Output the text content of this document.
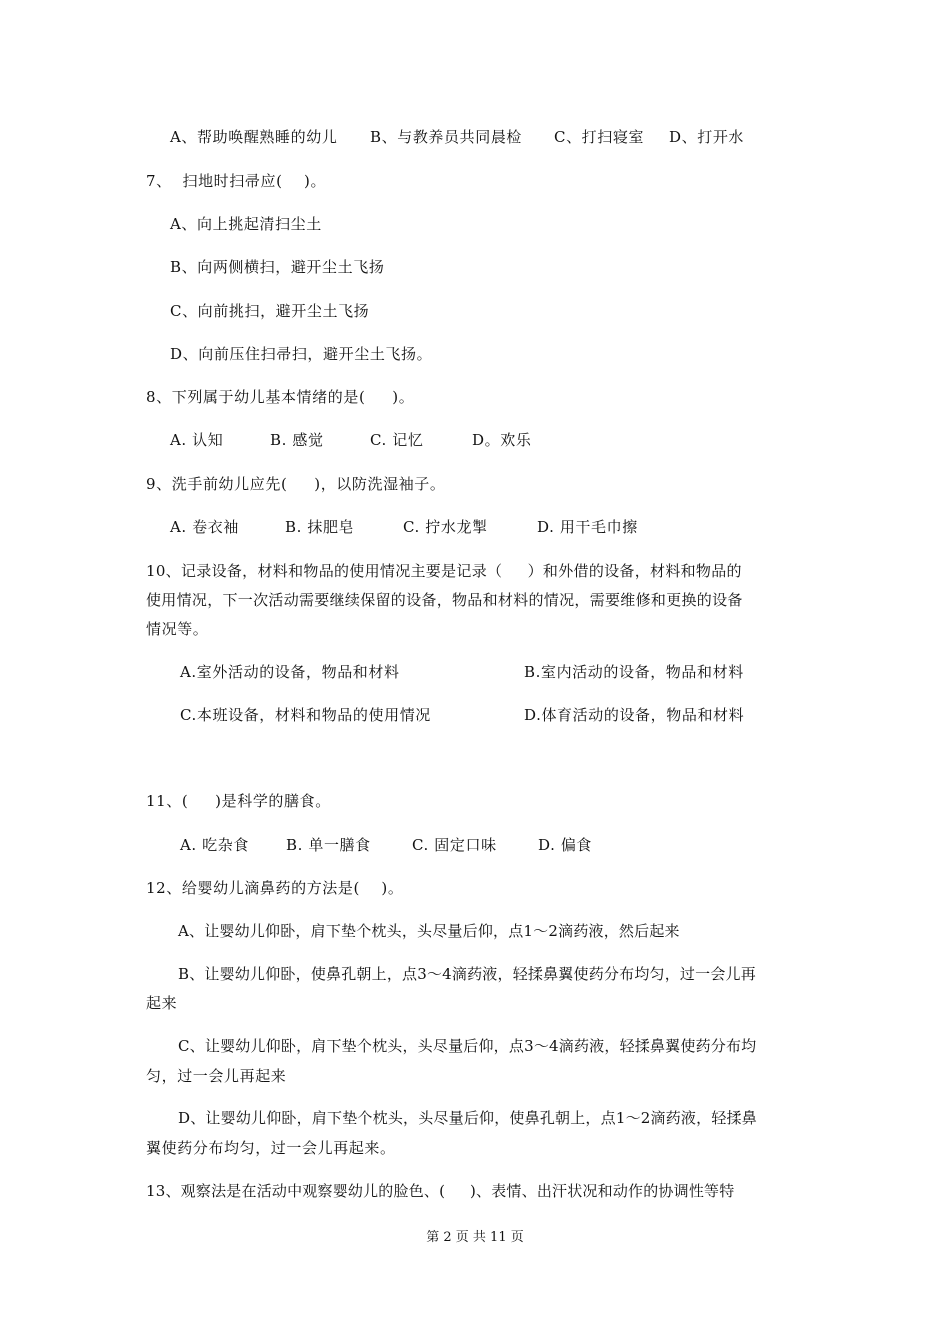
A、帮助唤醒熟睡的幼儿	B、与教养员共同晨检	C、打扫寝室	D、打开水
7、  扫地时扫帚应(    )。
A、向上挑起清扫尘土
B、向两侧横扫，避开尘土飞扬
C、向前挑扫，避开尘土飞扬
D、向前压住扫帚扫，避开尘土飞扬。
8、下列属于幼儿基本情绪的是(     )。
A. 认知	B. 感觉	C. 记忆	D。欢乐
9、洗手前幼儿应先(     )，以防洗湿袖子。
A. 卷衣袖	B. 抹肥皂	C. 拧水龙掣	D. 用干毛巾擦
10、记录设备，材料和物品的使用情况主要是记录（     ）和外借的设备，材料和物品的
使用情况，下一次活动需要继续保留的设备，物品和材料的情况，需要维修和更换的设备
情况等。
A.室外活动的设备，物品和材料	B.室内活动的设备，物品和材料
C.本班设备，材料和物品的使用情况	D.体育活动的设备，物品和材料
11、(     )是科学的膳食。
A. 吃杂食	B. 单一膳食	C. 固定口味	D. 偏食
12、给婴幼儿滴鼻药的方法是(    )。
A、让婴幼儿仰卧，肩下垫个枕头，头尽量后仰，点1～2滴药液，然后起来
B、让婴幼儿仰卧，使鼻孔朝上，点3～4滴药液，轻揉鼻翼使药分布均匀，过一会儿再
起来
C、让婴幼儿仰卧，肩下垫个枕头，头尽量后仰，点3～4滴药液，轻揉鼻翼使药分布均
匀，过一会儿再起来
D、让婴幼儿仰卧，肩下垫个枕头，头尽量后仰，使鼻孔朝上，点1～2滴药液，轻揉鼻
翼使药分布均匀，过一会儿再起来。
13、观察法是在活动中观察婴幼儿的脸色、(     )、表情、出汗状况和动作的协调性等特
第 2 页 共 11 页
